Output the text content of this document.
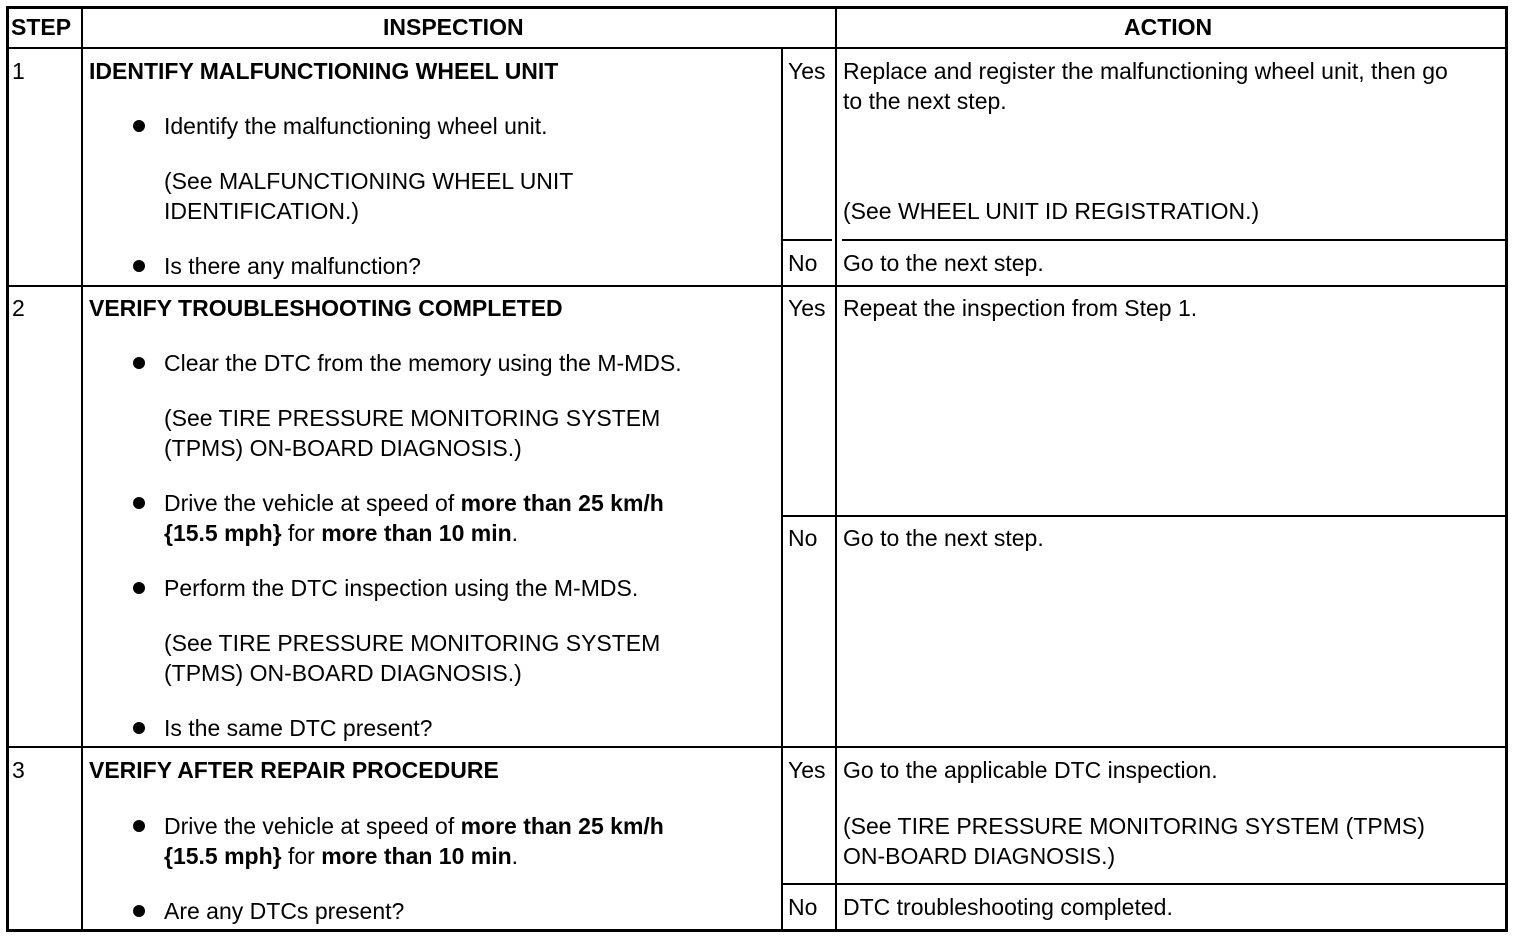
STEP	INSPECTION	ACTION
1	IDENTIFY MALFUNCTIONING WHEEL UNIT
Identify the malfunctioning wheel unit.
(See MALFUNCTIONING WHEEL UNIT
IDENTIFICATION.)
Is there any malfunction?
Yes Replace and register the malfunctioning wheel unit, then go
to the next step.
(See WHEEL UNIT ID REGISTRATION.)
No Go to the next step.
2	VERIFY TROUBLESHOOTING COMPLETED
Clear the DTC from the memory using the M-MDS.
(See TIRE PRESSURE MONITORING SYSTEM
(TPMS) ON-BOARD DIAGNOSIS.)
Drive the vehicle at speed of more than 25 km/h
{15.5 mph} for more than 10 min.
Perform the DTC inspection using the M-MDS.
(See TIRE PRESSURE MONITORING SYSTEM
(TPMS) ON-BOARD DIAGNOSIS.)
Is the same DTC present?
Yes Repeat the inspection from Step 1.
No Go to the next step.
3	VERIFY AFTER REPAIR PROCEDURE
Drive the vehicle at speed of more than 25 km/h
{15.5 mph} for more than 10 min.
Are any DTCs present?
Yes Go to the applicable DTC inspection.
(See TIRE PRESSURE MONITORING SYSTEM (TPMS)
ON-BOARD DIAGNOSIS.)
No DTC troubleshooting completed.
